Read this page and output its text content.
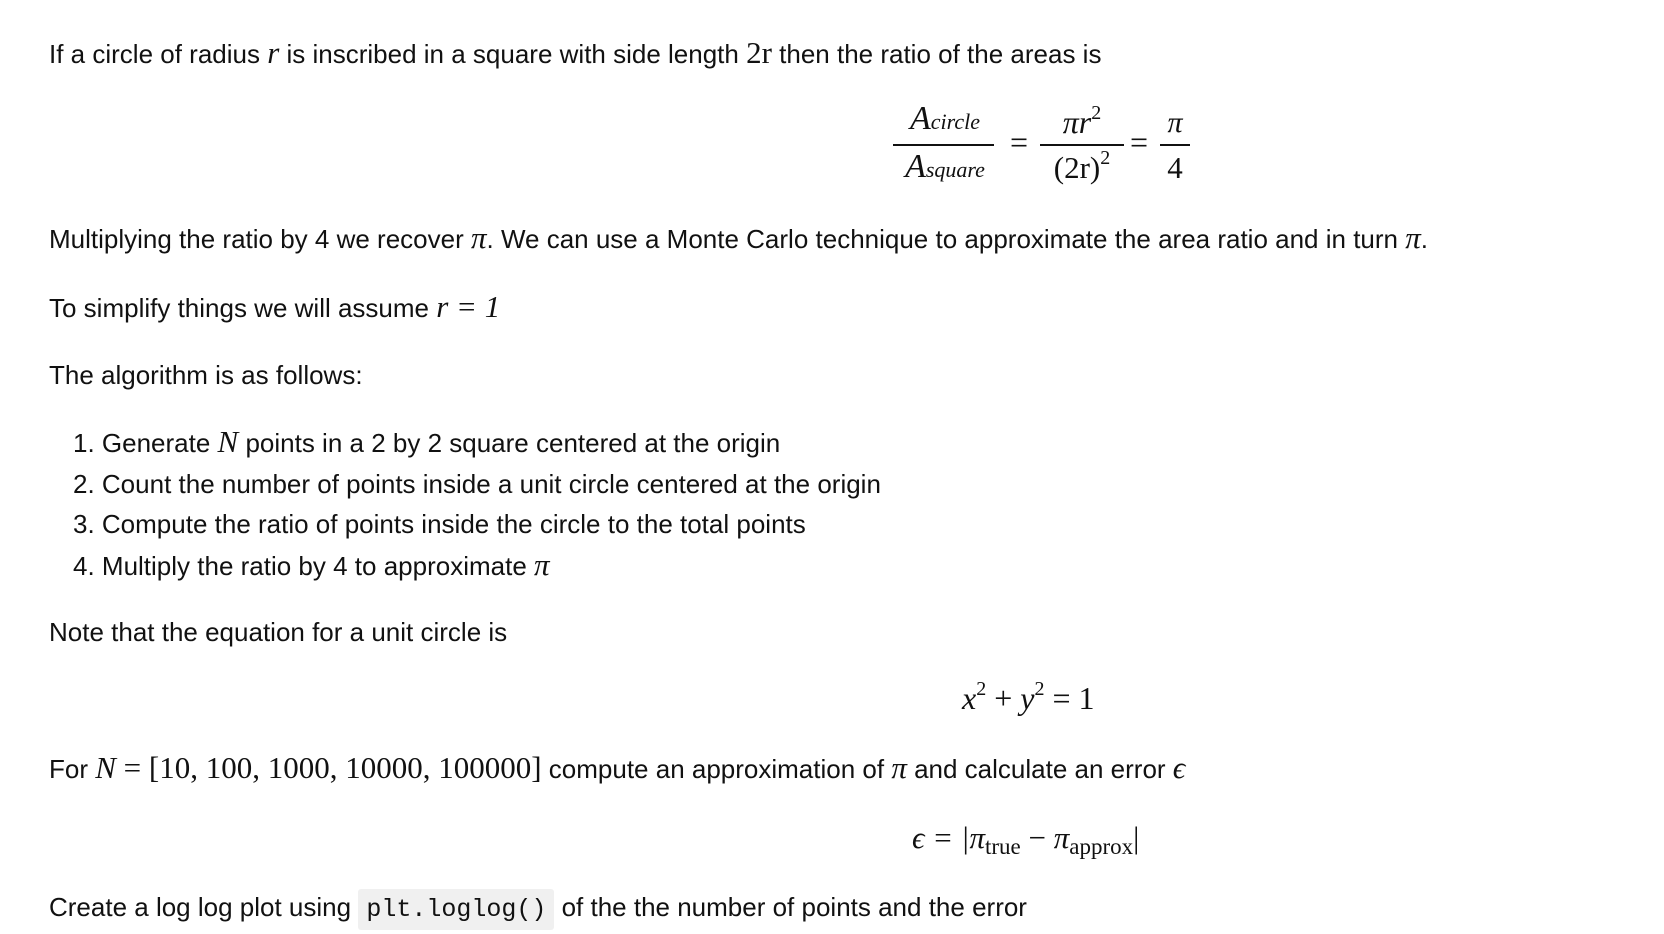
If a circle of radius r is inscribed in a square with side length 2r then the ratio of the areas is
Acircle
Asquare
=
$\pi r^2$
$(2r)^2$ =
π
4
Multiplying the ratio by 4 we recover π. We can use a Monte Carlo technique to approximate the area ratio and in turn π.
To simplify things we will assume r = 1
The algorithm is as follows:
1. Generate N points in a 2 by 2 square centered at the origin
2. Count the number of points inside a unit circle centered at the origin
3. Compute the ratio of points inside the circle to the total points
4. Multiply the ratio by 4 to approximate π
Note that the equation for a unit circle is
$x^2 + y^2 = 1$
For N = [10, 100, 1000, 10000, 100000] compute an approximation of π and calculate an error ϵ
ϵ = |πtrue − πapprox|
Create a log log plot using plt.loglog() of the the number of points and the error
